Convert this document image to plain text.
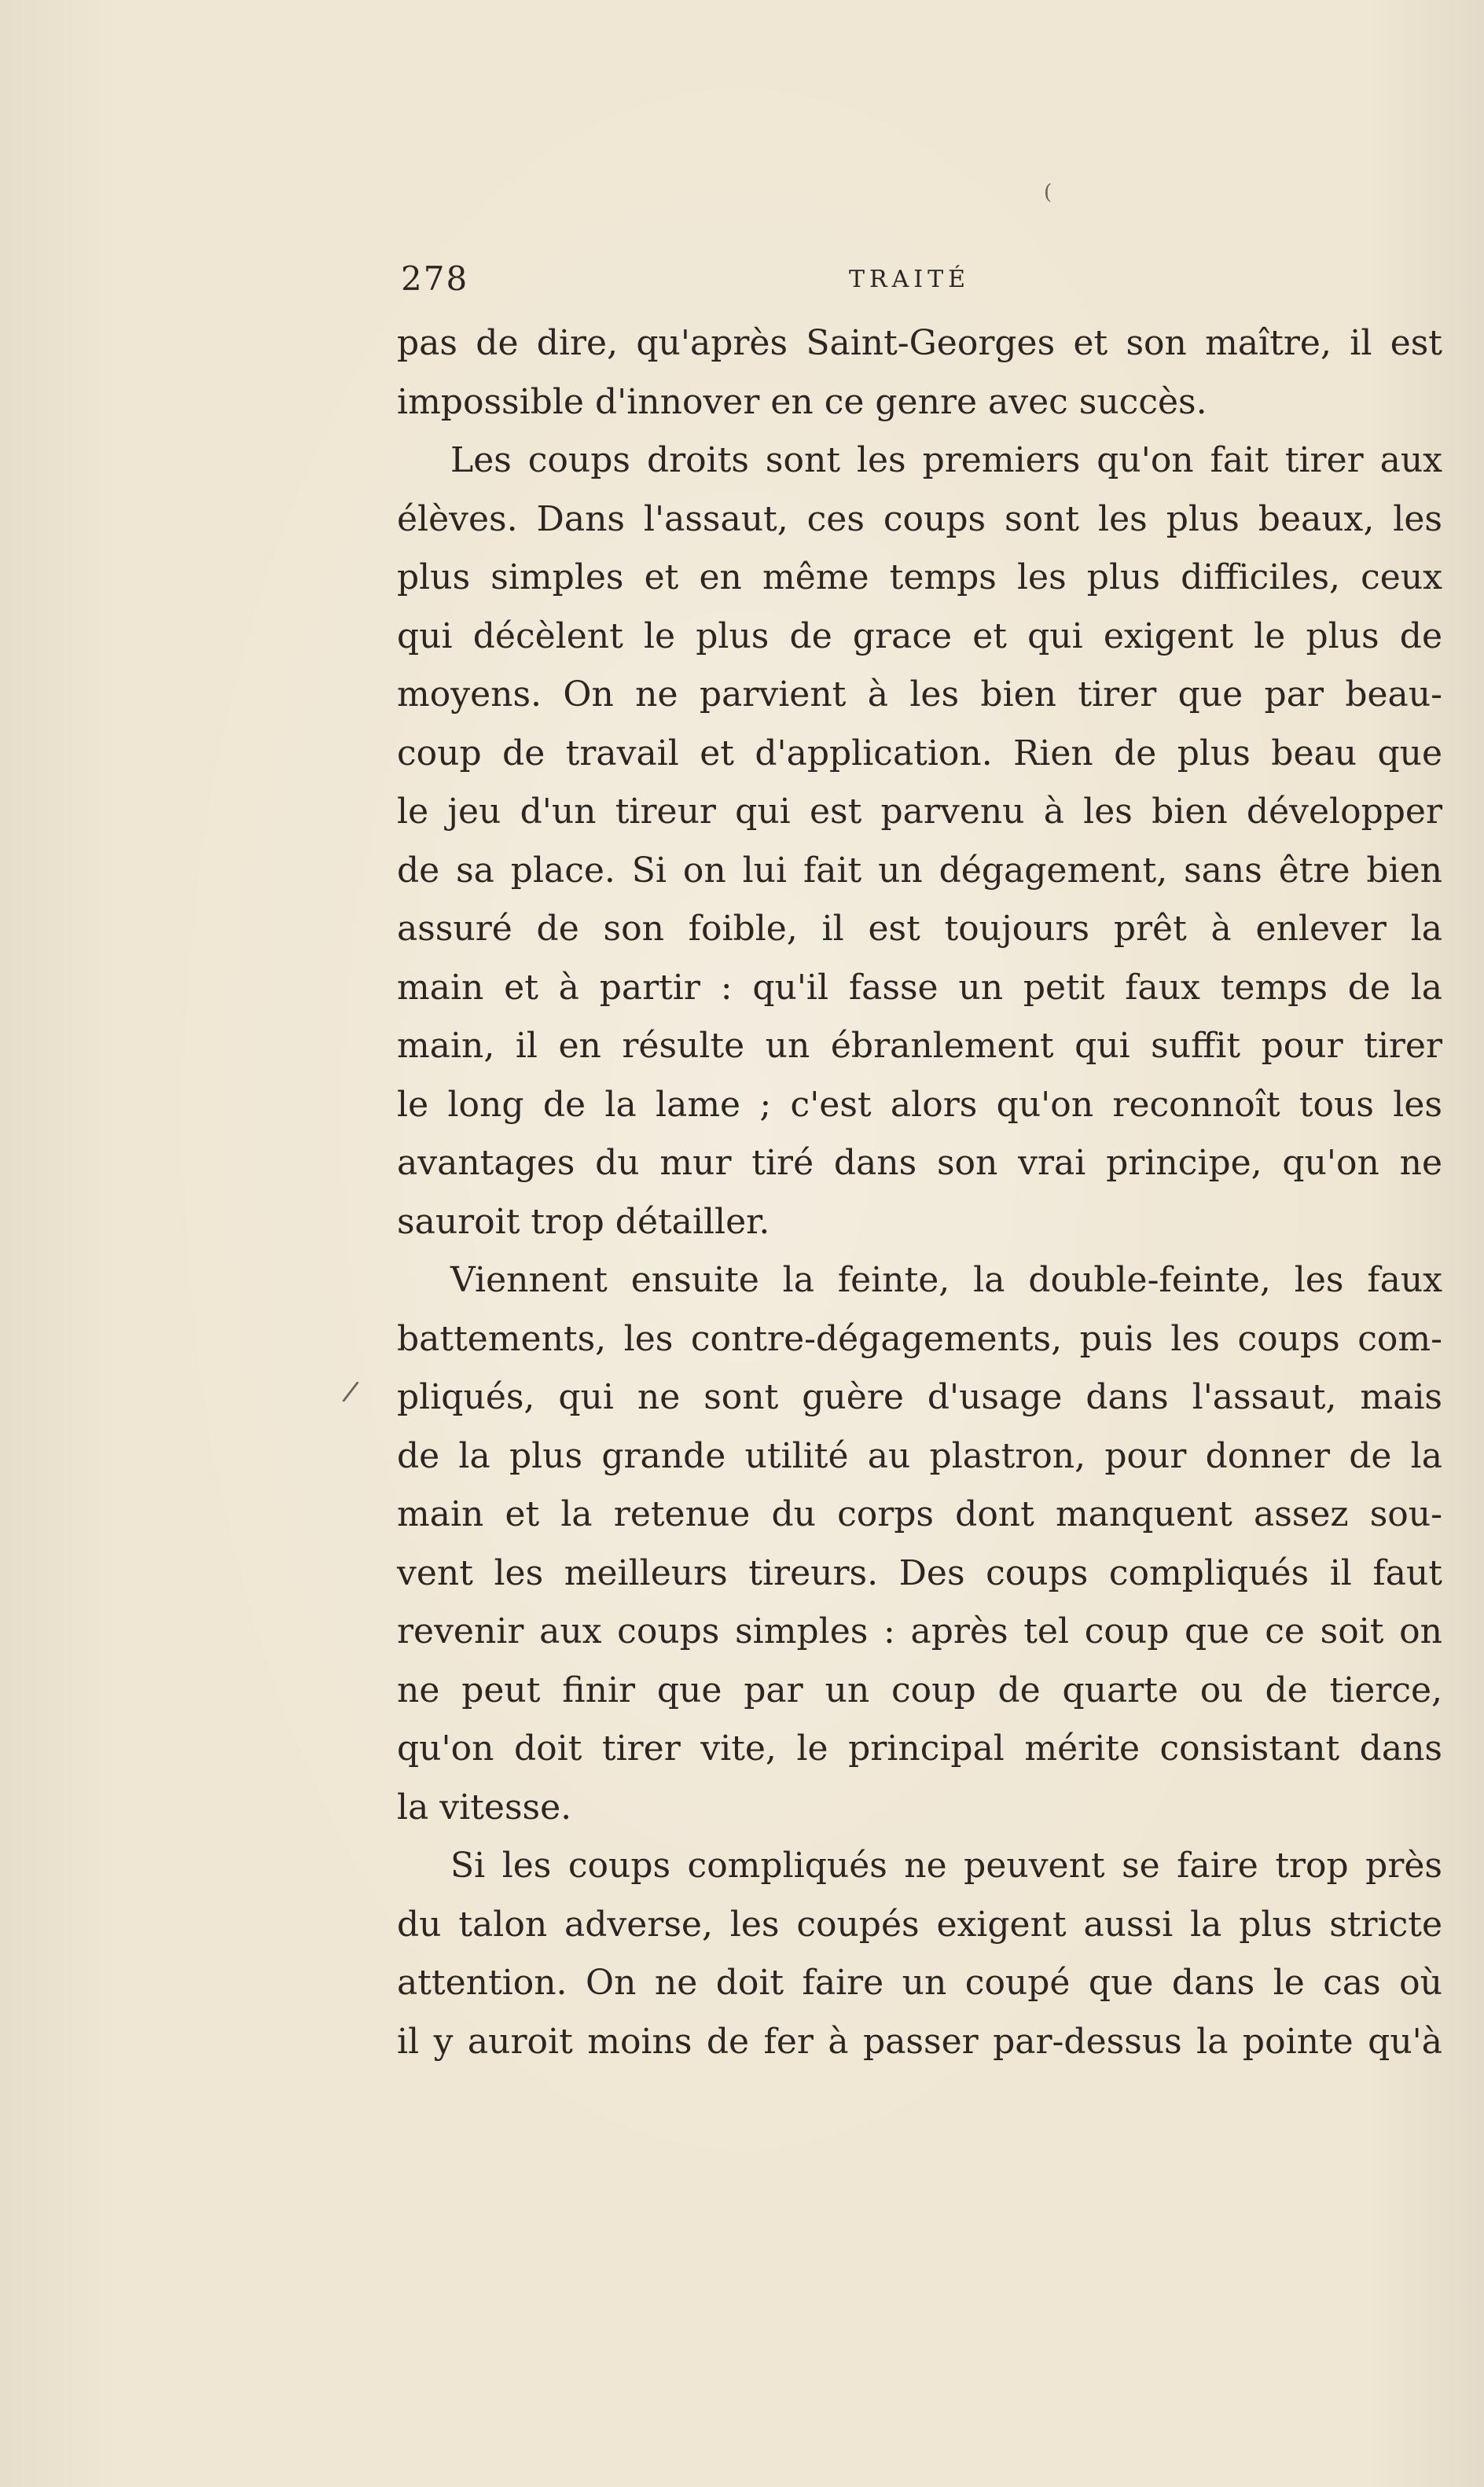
278	TRAITÉ
(
/
pas de dire, qu'après Saint-Georges et son maître, il est
impossible d'innover en ce genre avec succès.
Les coups droits sont les premiers qu'on fait tirer aux
élèves. Dans l'assaut, ces coups sont les plus beaux, les
plus simples et en même temps les plus difficiles, ceux
qui décèlent le plus de grace et qui exigent le plus de
moyens. On ne parvient à les bien tirer que par beau-
coup de travail et d'application. Rien de plus beau que
le jeu d'un tireur qui est parvenu à les bien développer
de sa place. Si on lui fait un dégagement, sans être bien
assuré de son foible, il est toujours prêt à enlever la
main et à partir : qu'il fasse un petit faux temps de la
main, il en résulte un ébranlement qui suffit pour tirer
le long de la lame ; c'est alors qu'on reconnoît tous les
avantages du mur tiré dans son vrai principe, qu'on ne
sauroit trop détailler.
Viennent ensuite la feinte, la double-feinte, les faux
battements, les contre-dégagements, puis les coups com-
pliqués, qui ne sont guère d'usage dans l'assaut, mais
de la plus grande utilité au plastron, pour donner de la
main et la retenue du corps dont manquent assez sou-
vent les meilleurs tireurs. Des coups compliqués il faut
revenir aux coups simples : après tel coup que ce soit on
ne peut finir que par un coup de quarte ou de tierce,
qu'on doit tirer vite, le principal mérite consistant dans
la vitesse.
Si les coups compliqués ne peuvent se faire trop près
du talon adverse, les coupés exigent aussi la plus stricte
attention. On ne doit faire un coupé que dans le cas où
il y auroit moins de fer à passer par-dessus la pointe qu'à
